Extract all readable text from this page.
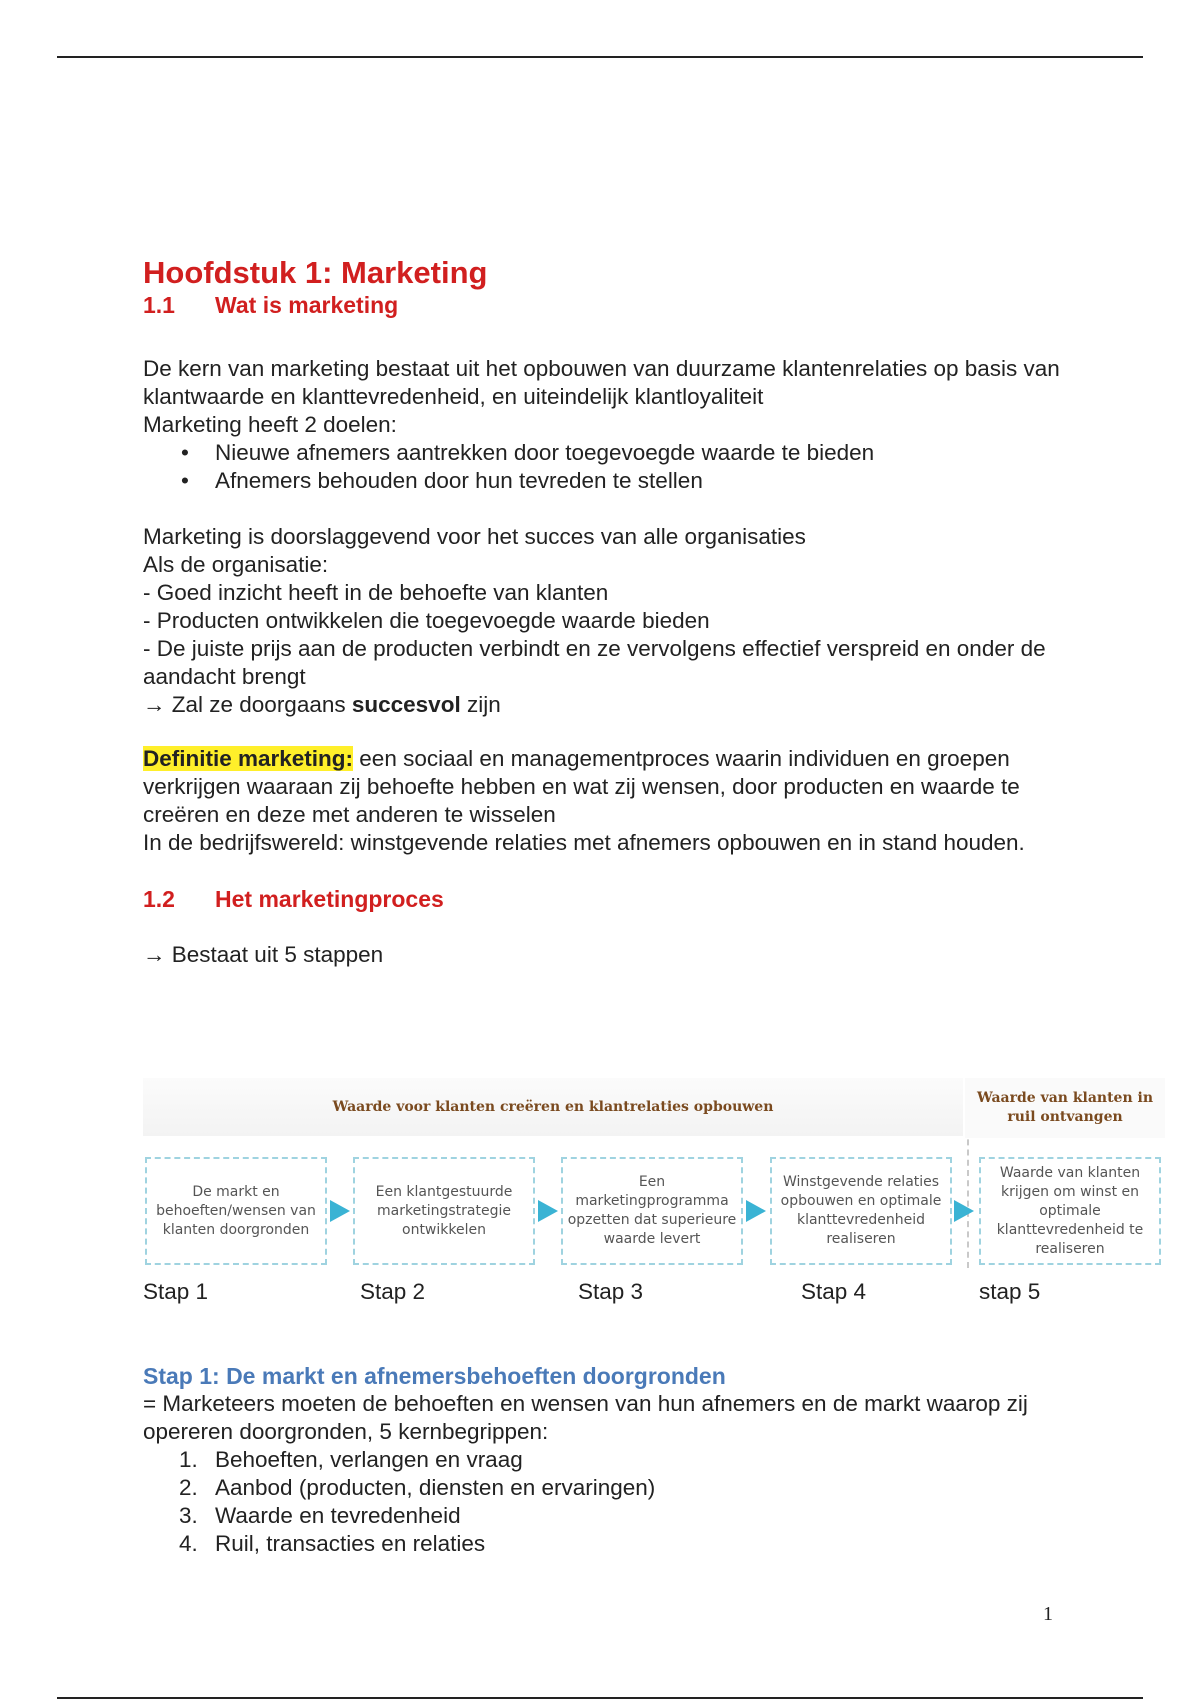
Hoofdstuk 1: Marketing
1.1	Wat is marketing

De kern van marketing bestaat uit het opbouwen van duurzame klantenrelaties op basis van klantwaarde en klanttevredenheid, en uiteindelijk klantloyaliteit

Marketing heeft 2 doelen:

• Nieuwe afnemers aantrekken door toegevoegde waarde te bieden
• Afnemers behouden door hun tevreden te stellen

Marketing is doorslaggevend voor het succes van alle organisaties

Als de organisatie:

- Goed inzicht heeft in de behoefte van klanten

- Producten ontwikkelen die toegevoegde waarde bieden

- De juiste prijs aan de producten verbindt en ze vervolgens effectief verspreid en onder de aandacht brengt

→ Zal ze doorgaans succesvol zijn

Definitie marketing: een sociaal en managementproces waarin individuen en groepen verkrijgen waaraan zij behoefte hebben en wat zij wensen, door producten en waarde te creëren en deze met anderen te wisselen

In de bedrijfswereld: winstgevende relaties met afnemers opbouwen en in stand houden.

1.2	Het marketingproces

→ Bestaat uit 5 stappen

Waarde voor klanten creëren en klantrelaties opbouwen
Waarde van klanten in ruil ontvangen
De markt en behoeften/wensen van klanten doorgronden
Een klantgestuurde marketingstrategie ontwikkelen
Een marketingprogramma opzetten dat superieure waarde levert
Winstgevende relaties opbouwen en optimale klanttevredenheid realiseren
Waarde van klanten krijgen om winst en optimale klanttevredenheid te realiseren
Stap 1	Stap 2	Stap 3	Stap 4	stap 5
Stap 1: De markt en afnemersbehoeften doorgronden

= Marketeers moeten de behoeften en wensen van hun afnemers en de markt waarop zij opereren doorgronden, 5 kernbegrippen:

1. Behoeften, verlangen en vraag
2. Aanbod (producten, diensten en ervaringen)
3. Waarde en tevredenheid
4. Ruil, transacties en relaties
1
